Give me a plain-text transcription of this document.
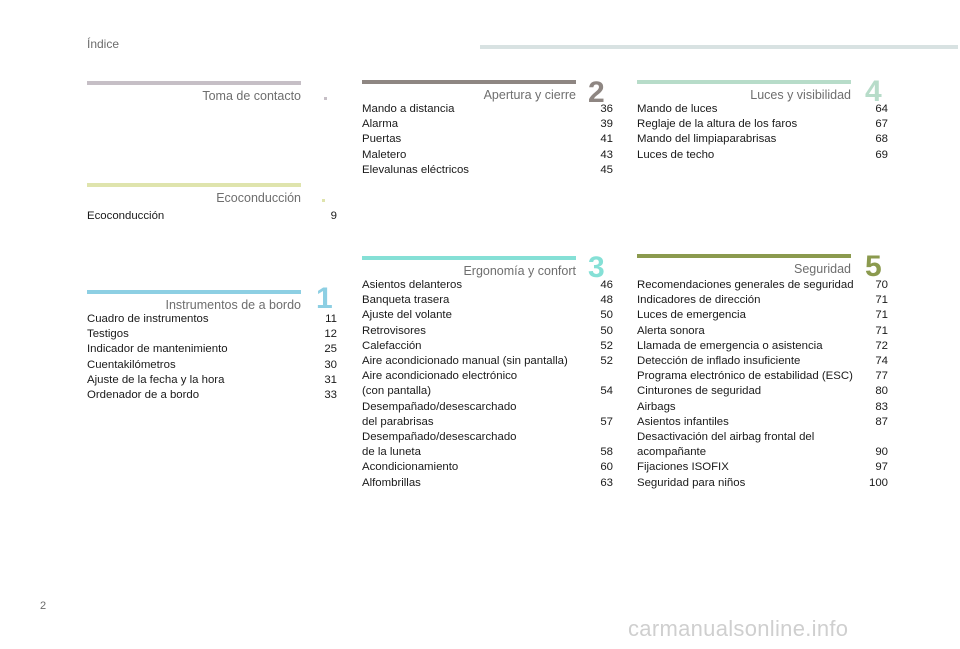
Índice
Toma de contacto
Ecoconducción
Ecoconducción	9
Instrumentos de a bordo 1
Cuadro de instrumentos	11
Testigos	12
Indicador de mantenimiento	25
Cuentakilómetros	30
Ajuste de la fecha y la hora	31
Ordenador de a bordo	33
Apertura y cierre 2
Mando a distancia	36
Alarma	39
Puertas	41
Maletero	43
Elevalunas eléctricos	45
Ergonomía y confort 3
Asientos delanteros	46
Banqueta trasera	48
Ajuste del volante	50
Retrovisores	50
Calefacción	52
Aire acondicionado manual (sin pantalla)	52
Aire acondicionado electrónico
(con pantalla)	54
Desempañado/desescarchado
del parabrisas	57
Desempañado/desescarchado
de la luneta	58
Acondicionamiento	60
Alfombrillas	63
Luces y visibilidad 4
Mando de luces	64
Reglaje de la altura de los faros	67
Mando del limpiaparabrisas	68
Luces de techo	69
Seguridad 5
Recomendaciones generales de seguridad 70
Indicadores de dirección	71
Luces de emergencia	71
Alerta sonora	71
Llamada de emergencia o asistencia	72
Detección de inflado insuficiente	74
Programa electrónico de estabilidad (ESC) 77
Cinturones de seguridad	80
Airbags	83
Asientos infantiles	87
Desactivación del airbag frontal del
acompañante	90
Fijaciones ISOFIX	97
Seguridad para niños	100
2
carmanualsonline.info
